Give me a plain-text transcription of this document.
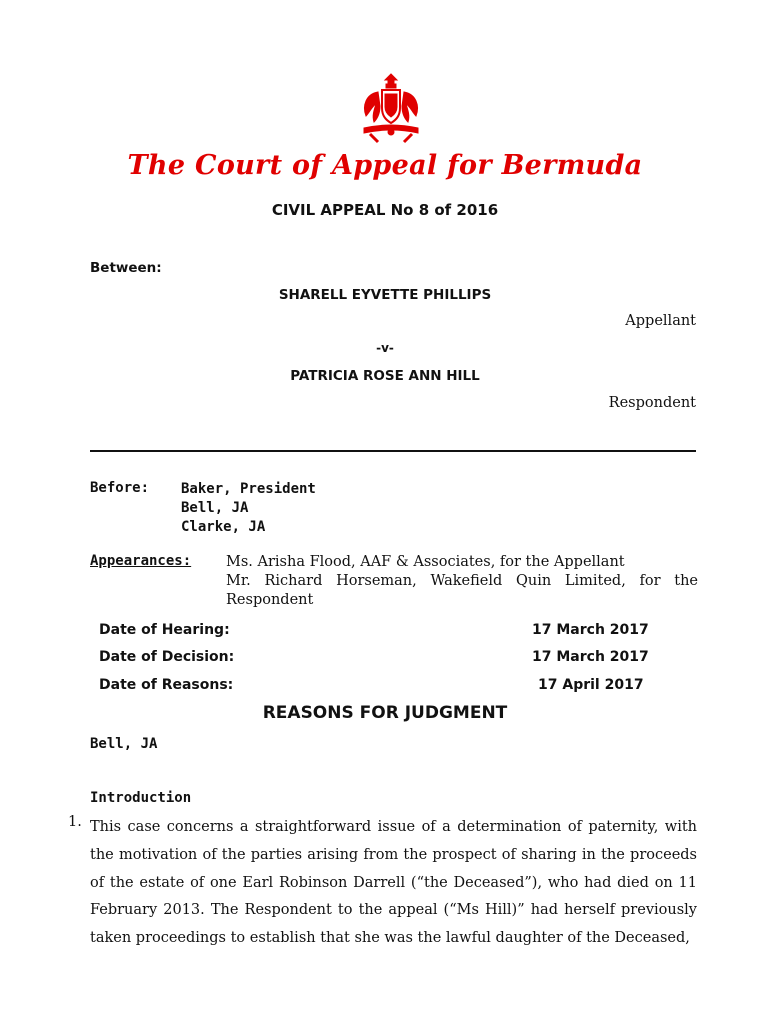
The Court of Appeal for Bermuda
CIVIL APPEAL No 8 of 2016
Between:
SHARELL EYVETTE PHILLIPS
Appellant
-v-
PATRICIA ROSE ANN HILL
Respondent
Before: Baker, President
Bell, JA
Clarke, JA
Appearances: Ms. Arisha Flood, AAF & Associates, for the Appellant
Mr. Richard Horseman, Wakefield Quin Limited, for the Respondent
Date of Hearing:	17 March 2017
Date of Decision:	17 March 2017
Date of Reasons:	17 April 2017
REASONS FOR JUDGMENT
Bell, JA
Introduction
1. This case concerns a straightforward issue of a determination of paternity, with the motivation of the parties arising from the prospect of sharing in the proceeds of the estate of one Earl Robinson Darrell (“the Deceased”), who had died on 11 February 2013. The Respondent to the appeal (“Ms Hill)” had herself previously taken proceedings to establish that she was the lawful daughter of the Deceased,
